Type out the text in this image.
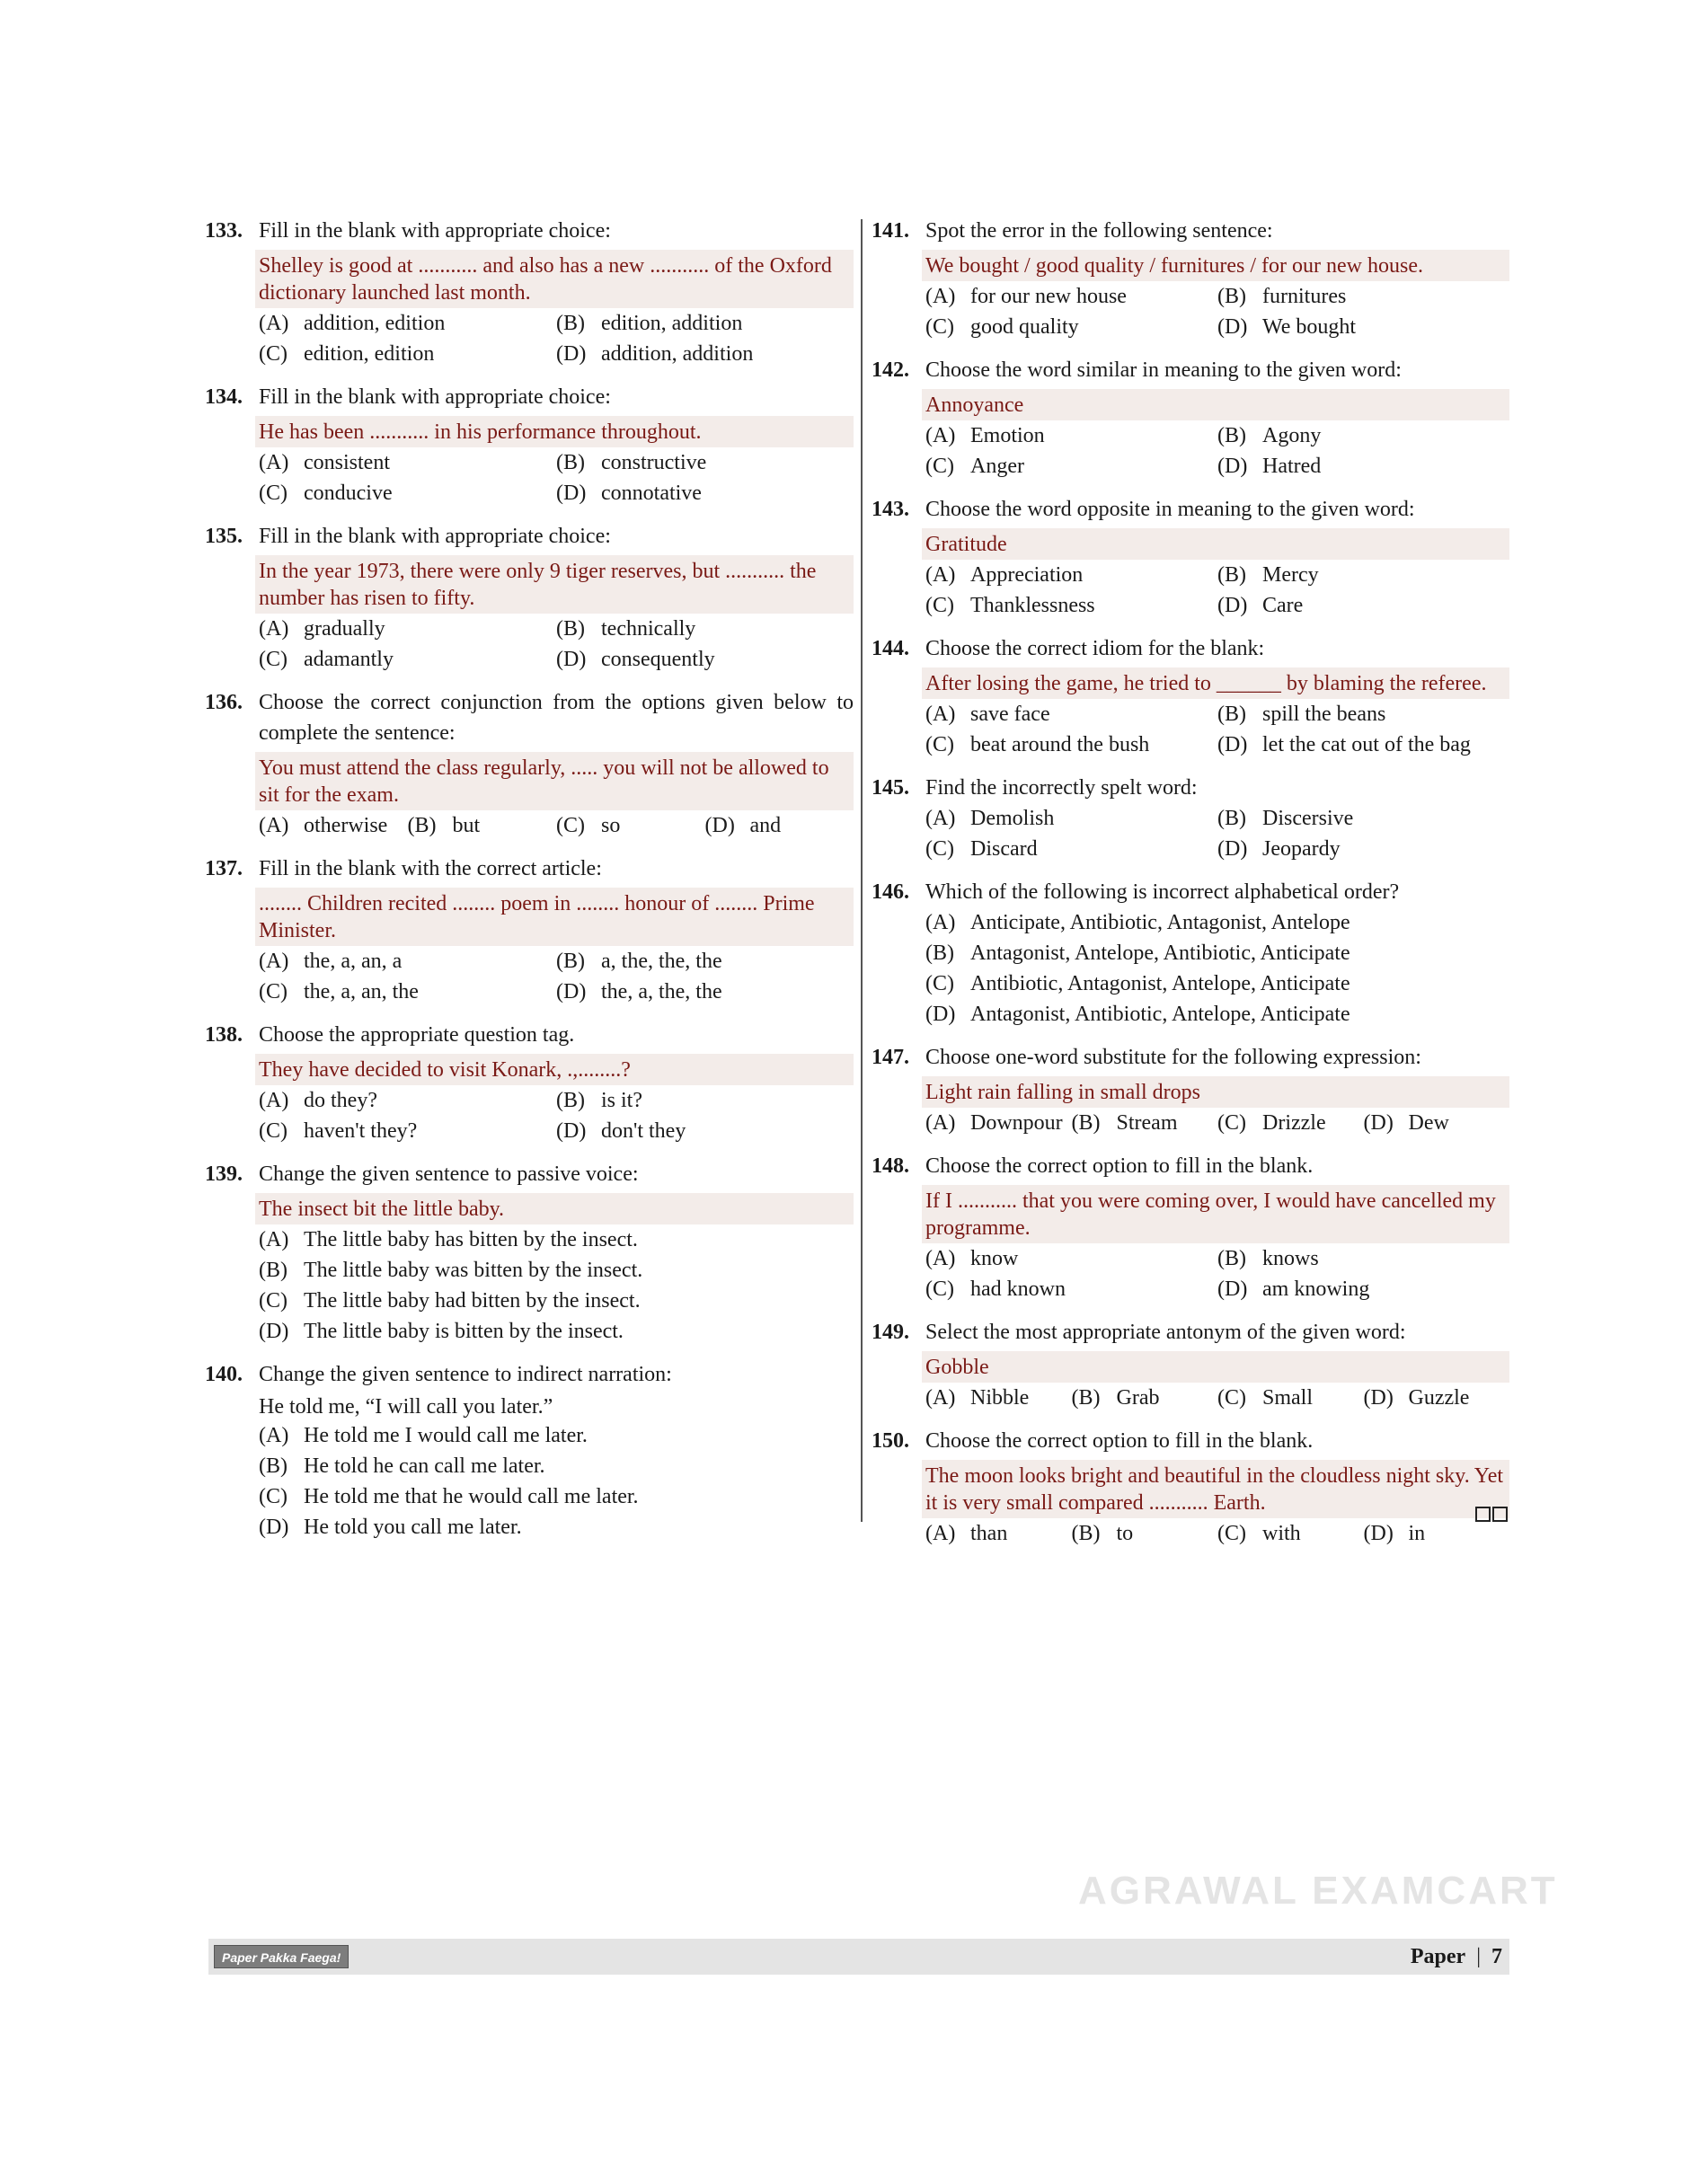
133. Fill in the blank with appropriate choice:
Shelley is good at ........... and also has a new ........... of the Oxford dictionary launched last month.
(A) addition, edition	(B) edition, addition
(C) edition, edition	(D) addition, addition
134. Fill in the blank with appropriate choice:
He has been ........... in his performance throughout.
(A) consistent	(B) constructive
(C) conducive	(D) connotative
135. Fill in the blank with appropriate choice:
In the year 1973, there were only 9 tiger reserves, but ........... the number has risen to fifty.
(A) gradually	(B) technically
(C) adamantly	(D) consequently
136. Choose the correct conjunction from the options given below to complete the sentence:
You must attend the class regularly, ..... you will not be allowed to sit for the exam.
(A) otherwise (B) but	(C) so	(D) and
137. Fill in the blank with the correct article:
........ Children recited ........ poem in ........ honour of ........ Prime Minister.
(A) the, a, an, a	(B) a, the, the, the
(C) the, a, an, the	(D) the, a, the, the
138. Choose the appropriate question tag.
They have decided to visit Konark, .,........?
(A) do they?	(B) is it?
(C) haven't they?	(D) don't they
139. Change the given sentence to passive voice:
The insect bit the little baby.
(A) The little baby has bitten by the insect.
(B) The little baby was bitten by the insect.
(C) The little baby had bitten by the insect.
(D) The little baby is bitten by the insect.
140. Change the given sentence to indirect narration:
He told me, “I will call you later.”
(A) He told me I would call me later.
(B) He told he can call me later.
(C) He told me that he would call me later.
(D) He told you call me later.
141. Spot the error in the following sentence:
We bought / good quality / furnitures / for our new house.
(A) for our new house	(B) furnitures
(C) good quality	(D) We bought
142. Choose the word similar in meaning to the given word:
Annoyance
(A) Emotion	(B) Agony
(C) Anger	(D) Hatred
143. Choose the word opposite in meaning to the given word:
Gratitude
(A) Appreciation	(B) Mercy
(C) Thanklessness	(D) Care
144. Choose the correct idiom for the blank:
After losing the game, he tried to ______ by blaming the referee.
(A) save face	(B) spill the beans
(C) beat around the bush	(D) let the cat out of the bag
145. Find the incorrectly spelt word:
(A) Demolish	(B) Discersive
(C) Discard	(D) Jeopardy
146. Which of the following is incorrect alphabetical order?
(A) Anticipate, Antibiotic, Antagonist, Antelope
(B) Antagonist, Antelope, Antibiotic, Anticipate
(C) Antibiotic, Antagonist, Antelope, Anticipate
(D) Antagonist, Antibiotic, Antelope, Anticipate
147. Choose one-word substitute for the following expression:
Light rain falling in small drops
(A) Downpour (B) Stream (C) Drizzle (D) Dew
148. Choose the correct option to fill in the blank.
If I ........... that you were coming over, I would have cancelled my programme.
(A) know	(B) knows
(C) had known	(D) am knowing
149. Select the most appropriate antonym of the given word:
Gobble
(A) Nibble (B) Grab	(C) Small (D) Guzzle
150. Choose the correct option to fill in the blank.
The moon looks bright and beautiful in the cloudless night sky. Yet it is very small compared ........... Earth.
(A) than	(B) to	(C) with	(D) in
AGRAWAL EXAMCART
Paper Pakka Faega!	Paper | 7
